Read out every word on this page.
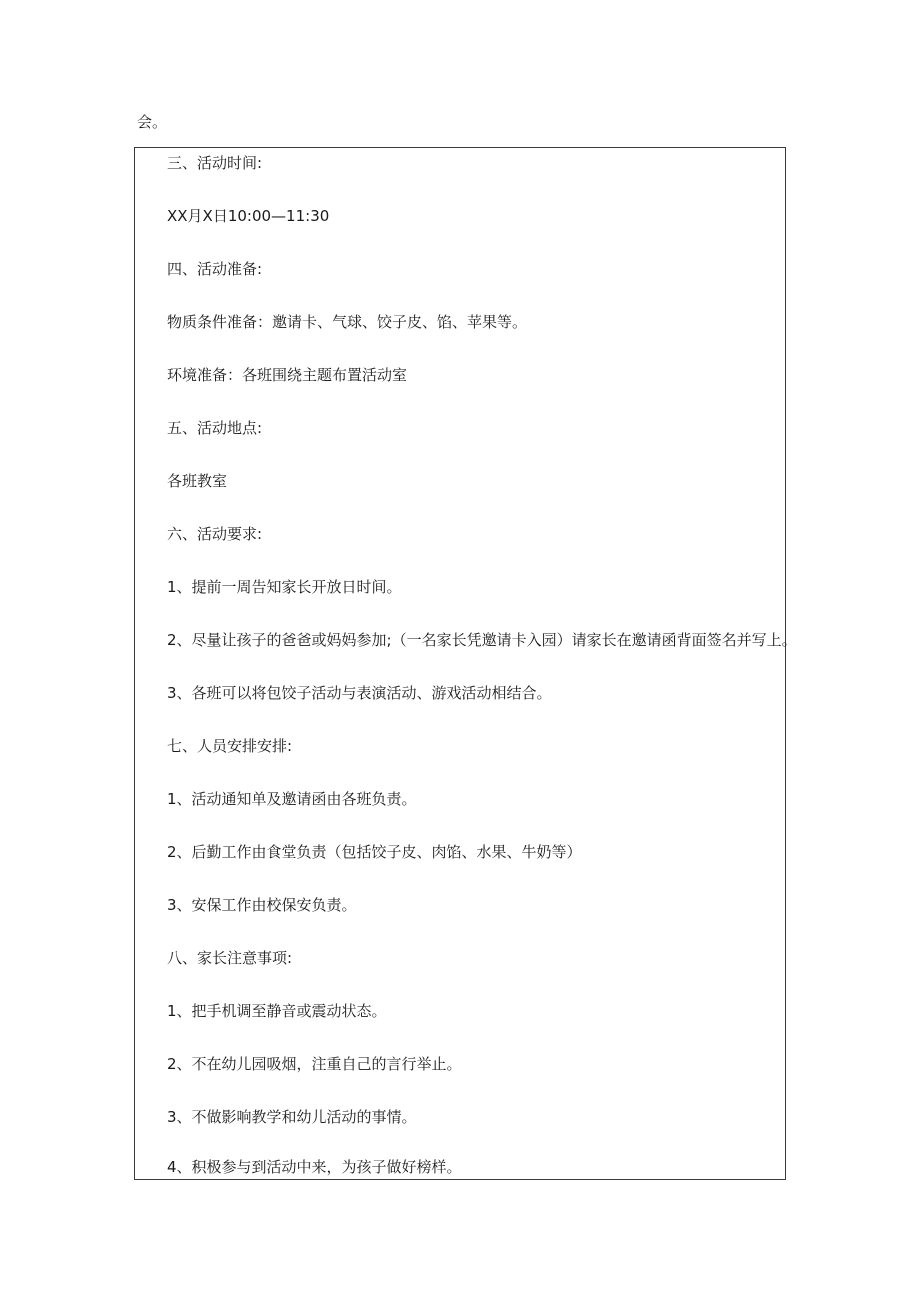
会。
三、活动时间:
XX月X日10:00—11:30
四、活动准备:
物质条件准备：邀请卡、气球、饺子皮、馅、苹果等。
环境准备：各班围绕主题布置活动室
五、活动地点:
各班教室
六、活动要求:
1、提前一周告知家长开放日时间。
2、尽量让孩子的爸爸或妈妈参加;（一名家长凭邀请卡入园）请家长在邀请函背面签名并写上。
3、各班可以将包饺子活动与表演活动、游戏活动相结合。
七、人员安排安排:
1、活动通知单及邀请函由各班负责。
2、后勤工作由食堂负责（包括饺子皮、肉馅、水果、牛奶等）
3、安保工作由校保安负责。
八、家长注意事项:
1、把手机调至静音或震动状态。
2、不在幼儿园吸烟，注重自己的言行举止。
3、不做影响教学和幼儿活动的事情。
4、积极参与到活动中来，为孩子做好榜样。
